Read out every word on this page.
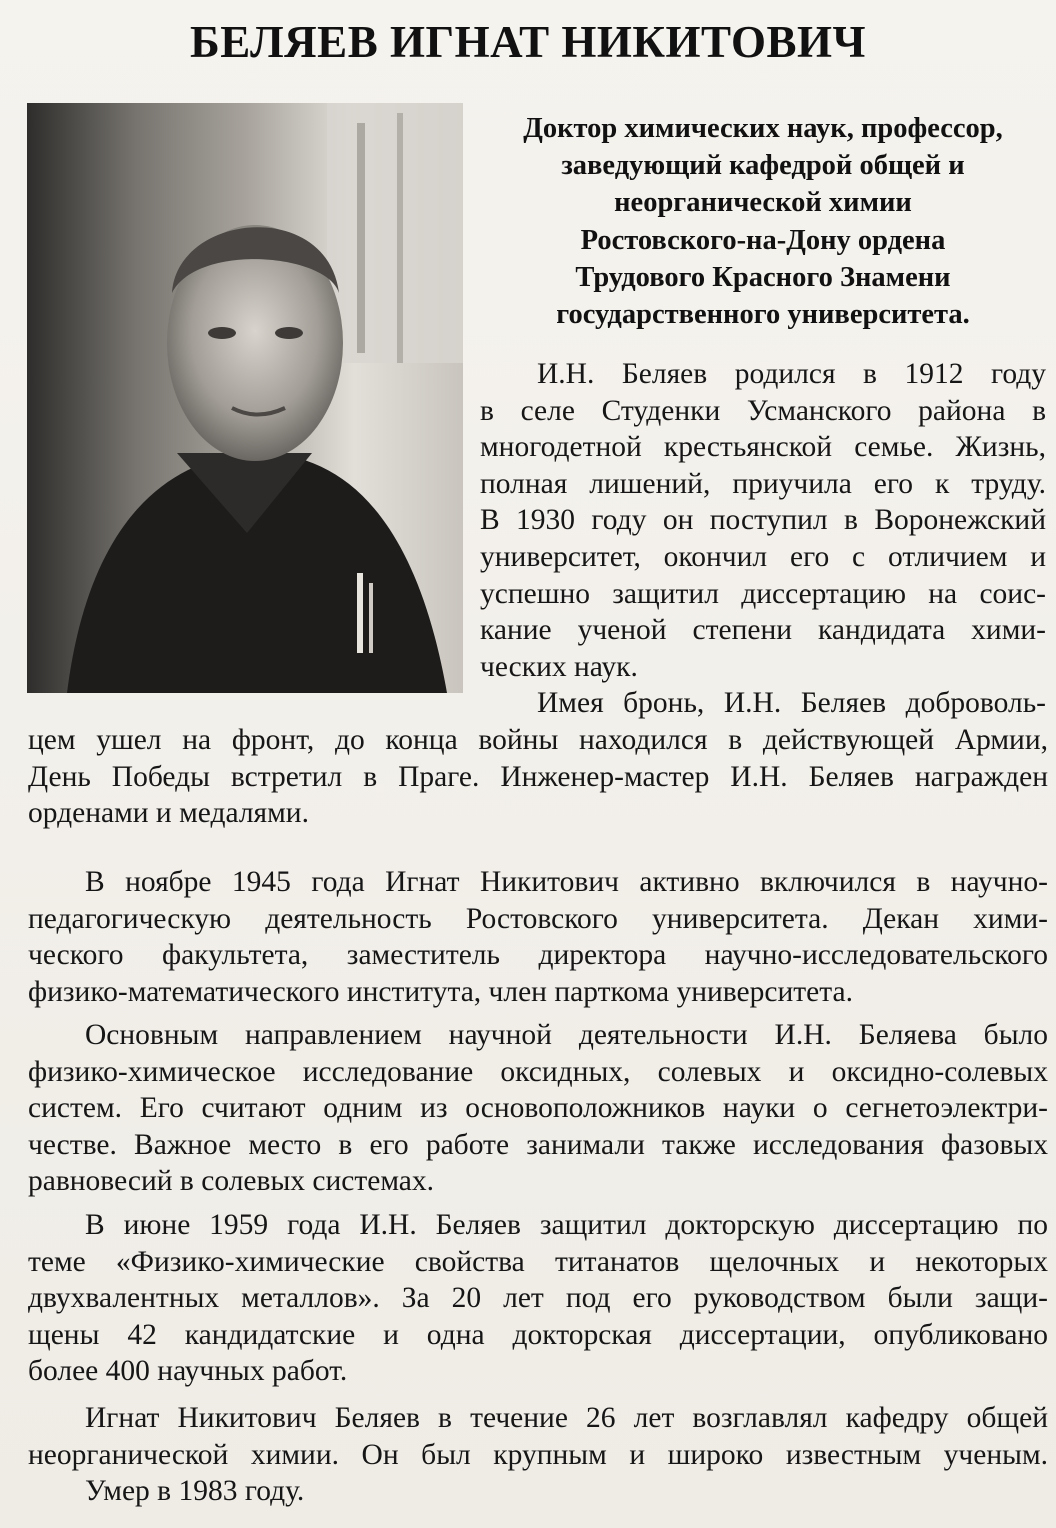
БЕЛЯЕВ ИГНАТ НИКИТОВИЧ
Доктор химических наук, профессор,
заведующий кафедрой общей и
неорганической химии
Ростовского-на-Дону ордена
Трудового Красного Знамени
государственного университета.
И.Н. Беляев родился в 1912 году
в селе Студенки Усманского района в
многодетной крестьянской семье. Жизнь,
полная лишений, приучила его к труду.
В 1930 году он поступил в Воронежский
университет, окончил его с отличием и
успешно защитил диссертацию на соис-
кание ученой степени кандидата хими-
ческих наук.
Имея бронь, И.Н. Беляев доброволь-
цем ушел на фронт, до конца войны находился в действующей Армии,
День Победы встретил в Праге. Инженер-мастер И.Н. Беляев награжден
орденами и медалями.
В ноябре 1945 года Игнат Никитович активно включился в научно-
педагогическую деятельность Ростовского университета. Декан хими-
ческого факультета, заместитель директора научно-исследовательского
физико-математического института, член парткома университета.
Основным направлением научной деятельности И.Н. Беляева было
физико-химическое исследование оксидных, солевых и оксидно-солевых
систем. Его считают одним из основоположников науки о сегнетоэлектри-
честве. Важное место в его работе занимали также исследования фазовых
равновесий в солевых системах.
В июне 1959 года И.Н. Беляев защитил докторскую диссертацию по
теме «Физико-химические свойства титанатов щелочных и некоторых
двухвалентных металлов». За 20 лет под его руководством были защи-
щены 42 кандидатские и одна докторская диссертации, опубликовано
более 400 научных работ.
Игнат Никитович Беляев в течение 26 лет возглавлял кафедру общей
неорганической химии. Он был крупным и широко известным ученым.
Умер в 1983 году.
